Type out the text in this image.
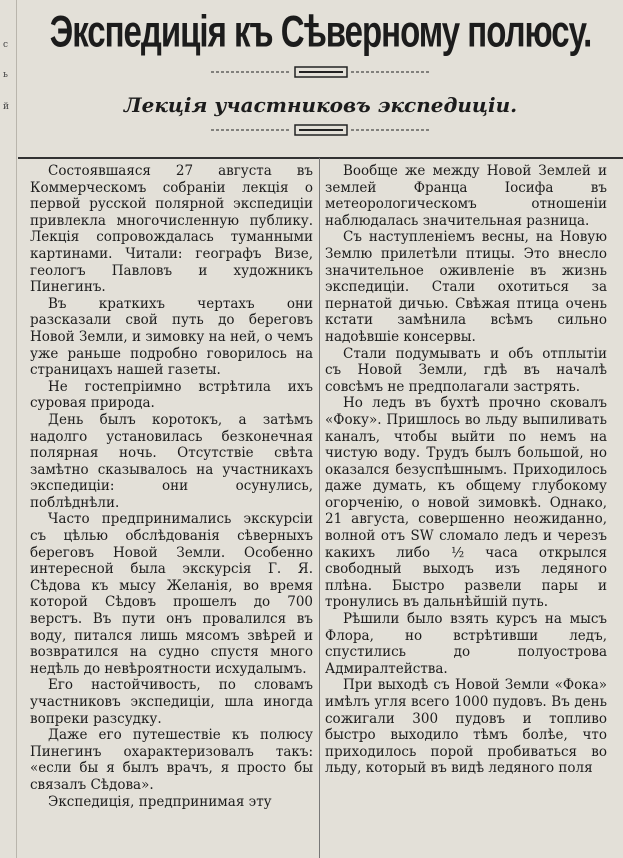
с
ь
й
Экспедиція къ Сѣверному полюсу.
Лекція участниковъ экспедиціи.

Состоявшаяся 27 августа въ Коммерческомъ собраніи лекція о первой русской полярной экспедиціи привлекла многочисленную публику. Лекція сопровождалась туманными картинами. Читали: географъ Визе, геологъ Павловъ и художникъ Пинегинъ.

Въ краткихъ чертахъ они разсказали свой путь до береговъ Новой Земли, и зимовку на ней, о чемъ уже раньше подробно говорилось на страницахъ нашей газеты.

Не гостепріимно встрѣтила ихъ суровая природа.

День былъ коротокъ, а затѣмъ надолго установилась безконечная полярная ночь. Отсутствіе свѣта замѣтно сказывалось на участникахъ экспедиціи: они осунулись, поблѣднѣли.

Часто предпринимались экскурсіи съ цѣлью обслѣдованія сѣверныхъ береговъ Новой Земли. Особенно интересной была экскурсія Г. Я. Сѣдова къ мысу Желанія, во время которой Сѣдовъ прошелъ до 700 верстъ. Въ пути онъ провалился въ воду, питался лишь мясомъ звѣрей и возвратился на судно спустя много недѣль до невѣроятности исхудалымъ.

Его настойчивость, по словамъ участниковъ экспедиціи, шла иногда вопреки разсудку.

Даже его путешествіе къ полюсу Пинегинъ охарактеризовалъ такъ: «если бы я былъ врачъ, я просто бы связалъ Сѣдова».

Экспедиція, предпринимая эту

Вообще же между Новой Землей и землей Франца Іосифа въ метеорологическомъ отношеніи наблюдалась значительная разница.

Съ наступленіемъ весны, на Новую Землю прилетѣли птицы. Это внесло значительное оживленіе въ жизнь экспедиціи. Стали охотиться за пернатой дичью. Свѣжая птица очень кстати замѣнила всѣмъ сильно надоѣвшіе консервы.

Стали подумывать и объ отплытіи съ Новой Земли, гдѣ въ началѣ совсѣмъ не предполагали застрять.

Но ледъ въ бухтѣ прочно сковалъ «Фоку». Пришлось во льду выпиливать каналъ, чтобы выйти по немъ на чистую воду. Трудъ былъ большой, но оказался безуспѣшнымъ. Приходилось даже думать, къ общему глубокому огорченію, о новой зимовкѣ. Однако, 21 августа, совершенно неожиданно, волной отъ SW сломало ледъ и черезъ какихъ либо ½ часа открылся свободный выходъ изъ ледяного плѣна. Быстро развели пары и тронулись въ дальнѣйшій путь.

Рѣшили было взять курсъ на мысъ Флора, но встрѣтивши ледъ, спустились до полуострова Адмиралтейства.

При выходѣ съ Новой Земли «Фока» имѣлъ угля всего 1000 пудовъ. Въ день сожигали 300 пудовъ и топливо быстро выходило тѣмъ болѣе, что приходилось порой пробиваться во льду, который въ видѣ ледяного поля
